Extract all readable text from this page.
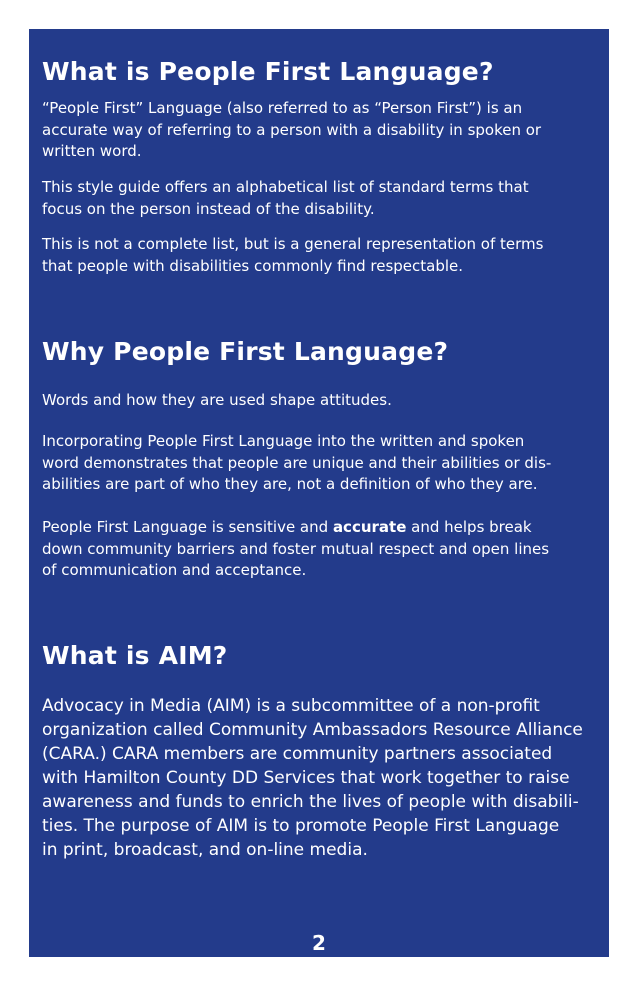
What is People First Language?

“People First” Language (also referred to as “Person First”) is an
accurate way of referring to a person with a disability in spoken or
written word.

This style guide offers an alphabetical list of standard terms that
focus on the person instead of the disability.

This is not a complete list, but is a general representation of terms
that people with disabilities commonly find respectable.

Why People First Language?

Words and how they are used shape attitudes.

Incorporating People First Language into the written and spoken
word demonstrates that people are unique and their abilities or dis-
abilities are part of who they are, not a definition of who they are.

People First Language is sensitive and accurate and helps break
down community barriers and foster mutual respect and open lines
of communication and acceptance.

What is AIM?

Advocacy in Media (AIM) is a subcommittee of a non-profit
organization called Community Ambassadors Resource Alliance
(CARA.) CARA members are community partners associated
with Hamilton County DD Services that work together to raise
awareness and funds to enrich the lives of people with disabili-
ties. The purpose of AIM is to promote People First Language
in print, broadcast, and on-line media.

2
